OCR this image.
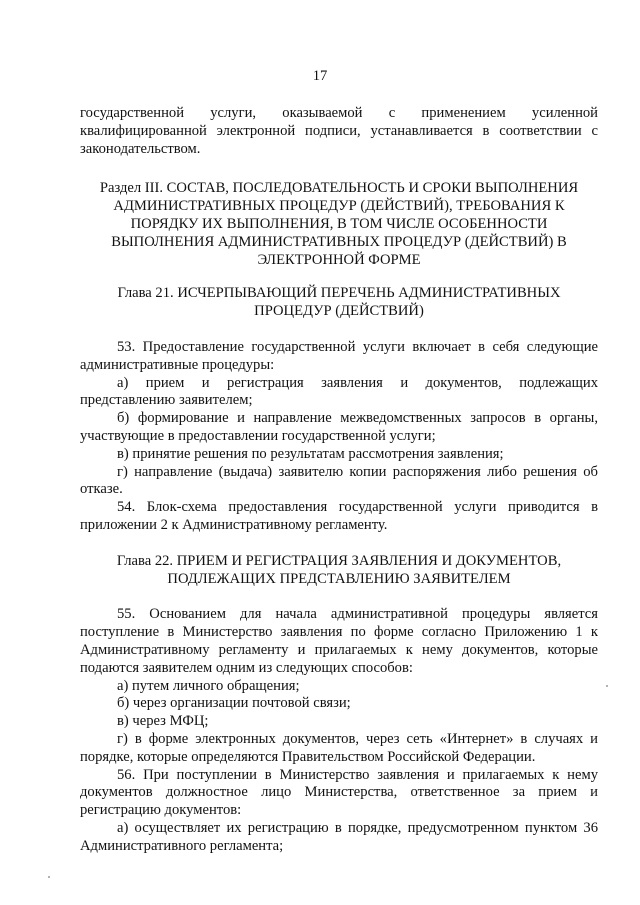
17

государственной услуги, оказываемой с применением усиленной квалифицированной электронной подписи, устанавливается в соответствии с законодательством.

Раздел III. СОСТАВ, ПОСЛЕДОВАТЕЛЬНОСТЬ И СРОКИ ВЫПОЛНЕНИЯ АДМИНИСТРАТИВНЫХ ПРОЦЕДУР (ДЕЙСТВИЙ), ТРЕБОВАНИЯ К ПОРЯДКУ ИХ ВЫПОЛНЕНИЯ, В ТОМ ЧИСЛЕ ОСОБЕННОСТИ ВЫПОЛНЕНИЯ АДМИНИСТРАТИВНЫХ ПРОЦЕДУР (ДЕЙСТВИЙ) В ЭЛЕКТРОННОЙ ФОРМЕ

Глава 21. ИСЧЕРПЫВАЮЩИЙ ПЕРЕЧЕНЬ АДМИНИСТРАТИВНЫХ ПРОЦЕДУР (ДЕЙСТВИЙ)

53. Предоставление государственной услуги включает в себя следующие административные процедуры:

а) прием и регистрация заявления и документов, подлежащих представлению заявителем;

б) формирование и направление межведомственных запросов в органы, участвующие в предоставлении государственной услуги;

в) принятие решения по результатам рассмотрения заявления;

г) направление (выдача) заявителю копии распоряжения либо решения об отказе.

54. Блок-схема предоставления государственной услуги приводится в приложении 2 к Административному регламенту.

Глава 22. ПРИЕМ И РЕГИСТРАЦИЯ ЗАЯВЛЕНИЯ И ДОКУМЕНТОВ, ПОДЛЕЖАЩИХ ПРЕДСТАВЛЕНИЮ ЗАЯВИТЕЛЕМ

55. Основанием для начала административной процедуры является поступление в Министерство заявления по форме согласно Приложению 1 к Административному регламенту и прилагаемых к нему документов, которые подаются заявителем одним из следующих способов:

а) путем личного обращения;

б) через организации почтовой связи;

в) через МФЦ;

г) в форме электронных документов, через сеть «Интернет» в случаях и порядке, которые определяются Правительством Российской Федерации.

56. При поступлении в Министерство заявления и прилагаемых к нему документов должностное лицо Министерства, ответственное за прием и регистрацию документов:

а) осуществляет их регистрацию в порядке, предусмотренном пунктом 36 Административного регламента;
